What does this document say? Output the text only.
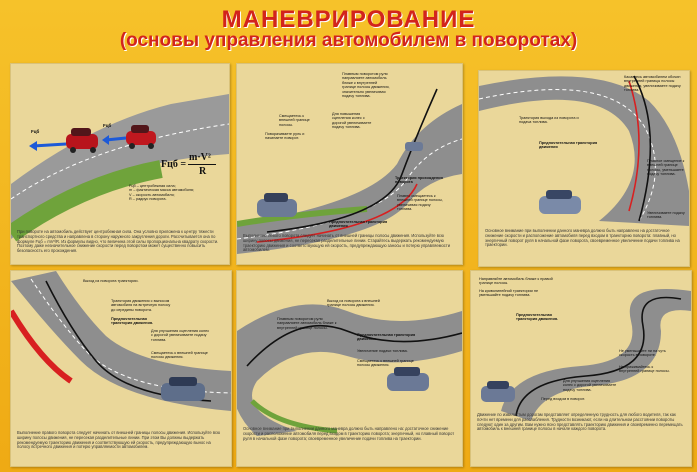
МАНЕВРИРОВАНИЕ
(основы управления автомобилем в поворотах)
Fцб
Fцб
Fцб =
m·V²
R
Fцб – центробежная сила;
m – фактическая масса автомобиля;
V – скорость автомобиля;
R – радиус поворота.
При повороте на автомобиль действует центробежная сила. Она условно приложена к центру тяжести транспортного средства и направлена в сторону наружного закругления дороги. Рассчитывается она по формуле Fцб = mV²/R. Из формулы видно, что величина этой силы пропорциональна квадрату скорости. Поэтому даже незначительное снижение скорости перед поворотом может существенно повысить безопасность его прохождения.
Смещаетесь к внешней границе полосы.
Поворачиваете руль и начинаете поворот.
Для повышения сцепления колес с дорогой увеличиваете подачу топлива.
Плавным поворотом руля направляете автомобиль ближе к внутренней границе полосы движения, значительно увеличивая подачу топлива.
Плавно смещаетесь к внешней границе полосы, увеличивая подачу топлива.
Траектория прохождения поворота
Предпочтительная траектория движения
Выполнение левого поворота следует начинать от внешней границы полосы движения. Используйте всю ширину полосы движения, не пересекая разделительные линии. Старайтесь выдержать рекомендуемую траекторию движения и соответствующую ей скорость, предупреждающую заносы и потерю управляемости автомобилем.
Касаетесь автомобилем обочин внутренней границы полосы движения, увеличиваете подачу топлива.
Траектория выхода из поворота и подача топлива.
Плавное смещение к внешней границе полосы, уменьшаете подачу топлива.
Увеличиваете подачу топлива.
Предпочтительная траектория движения
Основное внимание при выполнении данного маневра должно быть направлено на достаточное снижение скорости и расположение автомобиля перед входом в траекторию поворота: плавный, но энергичный поворот руля в начальной фазе поворота, своевременное увеличение подачи топлива на траектории.
Выход из поворота траектории.
Траектория движения с выносом автомобиля на встречную полосу до середины поворота.
Предпочтительная траектория движения.
Для улучшения сцепления колес с дорогой увеличиваете подачу топлива.
Смещаетесь к внешней границе полосы движения.
Выполнение правого поворота следует начинать от внешней границы полосы движения. Используйте всю ширину полосы движения, не пересекая разделительные линии. При этом Вы должны выдержать рекомендуемую траекторию движения и соответствующую ей скорость, предупреждающую вынос на полосу встречного движения и потерю управляемости автомобилем.
Выход из поворота к внешней границе полосы движения.
Плавным поворотом руля направляете автомобиль ближе к внутренней границе полосы.
Предпочтительная траектория движения.
Увеличение подачи топлива.
Смещаетесь к внешней границе полосы движения.
Основное внимание при выполнении данного маневра должно быть направлено на: достаточное снижение скорости и расположение автомобиля перед входом в траекторию поворота; энергичный, но плавный поворот руля в начальной фазе поворота; своевременное увеличение подачи топлива на траектории.
Направляйте автомобиль ближе к правой границе полосы.
На криволинейной траектории не уменьшайте подачу топлива.
Предпочтительная траектория движения.
Не уменьшайте ни на чуть скорость в повороте.
Не прижимайтесь к внутренней границе полосы.
Для улучшения сцепления колес с дорогой увеличиваете подачу топлива.
Перед входом в поворот.
Движение по извилистым дорогам представляет определенную трудность для любого водителя, так как почти нет времени для расслабления. Трудности возникают, если на длительном расстоянии повороты следуют один за другим. Вам нужно ясно представлять траекторию движения и своевременно перемещать автомобиль к внешней границе полосы в начале каждого поворота.
